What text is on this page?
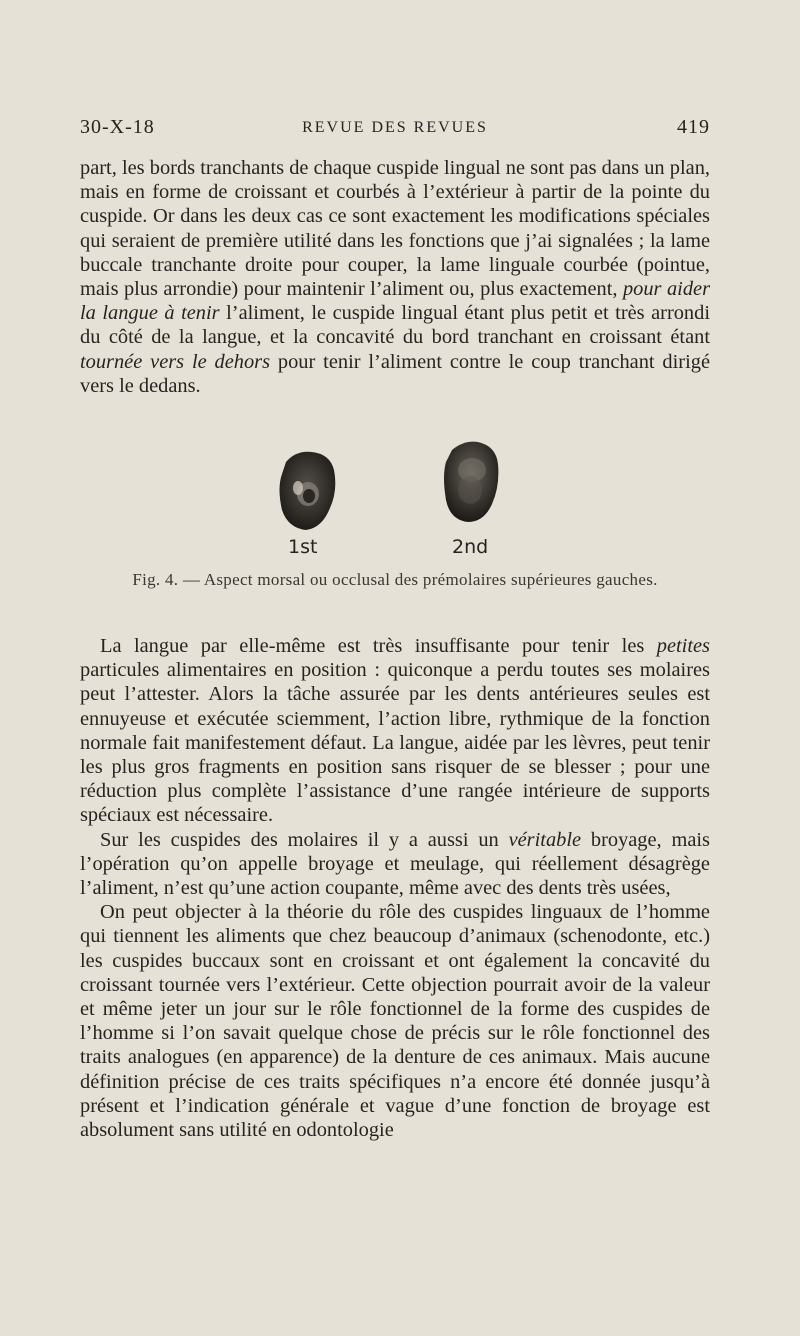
30-X-18	REVUE DES REVUES	419

part, les bords tranchants de chaque cuspide lingual ne sont pas dans un plan, mais en forme de croissant et courbés à l’extérieur à partir de la pointe du cuspide. Or dans les deux cas ce sont exactement les modifications spéciales qui seraient de première utilité dans les fonctions que j’ai signalées ; la lame buccale tranchante droite pour couper, la lame linguale courbée (pointue, mais plus arrondie) pour maintenir l’aliment ou, plus exactement, pour aider la langue à tenir l’aliment, le cuspide lingual étant plus petit et très arrondi du côté de la langue, et la concavité du bord tranchant en croissant étant tournée vers le dehors pour tenir l’aliment contre le coup tranchant dirigé vers le dedans.

1st	2nd
Fig. 4. — Aspect morsal ou occlusal des prémolaires supérieures gauches.

La langue par elle-même est très insuffisante pour tenir les petites particules alimentaires en position : quiconque a perdu toutes ses molaires peut l’attester. Alors la tâche assurée par les dents antérieures seules est ennuyeuse et exécutée sciemment, l’action libre, rythmique de la fonction normale fait manifestement défaut. La langue, aidée par les lèvres, peut tenir les plus gros fragments en position sans risquer de se blesser ; pour une réduction plus complète l’assistance d’une rangée intérieure de supports spéciaux est nécessaire.

Sur les cuspides des molaires il y a aussi un véritable broyage, mais l’opération qu’on appelle broyage et meulage, qui réellement désagrège l’aliment, n’est qu’une action coupante, même avec des dents très usées,

On peut objecter à la théorie du rôle des cuspides linguaux de l’homme qui tiennent les aliments que chez beaucoup d’animaux (schenodonte, etc.) les cuspides buccaux sont en croissant et ont également la concavité du croissant tournée vers l’extérieur. Cette objection pourrait avoir de la valeur et même jeter un jour sur le rôle fonctionnel de la forme des cuspides de l’homme si l’on savait quelque chose de précis sur le rôle fonctionnel des traits analogues (en apparence) de la denture de ces animaux. Mais aucune définition précise de ces traits spécifiques n’a encore été donnée jusqu’à présent et l’indication générale et vague d’une fonction de broyage est absolument sans utilité en odontologie
